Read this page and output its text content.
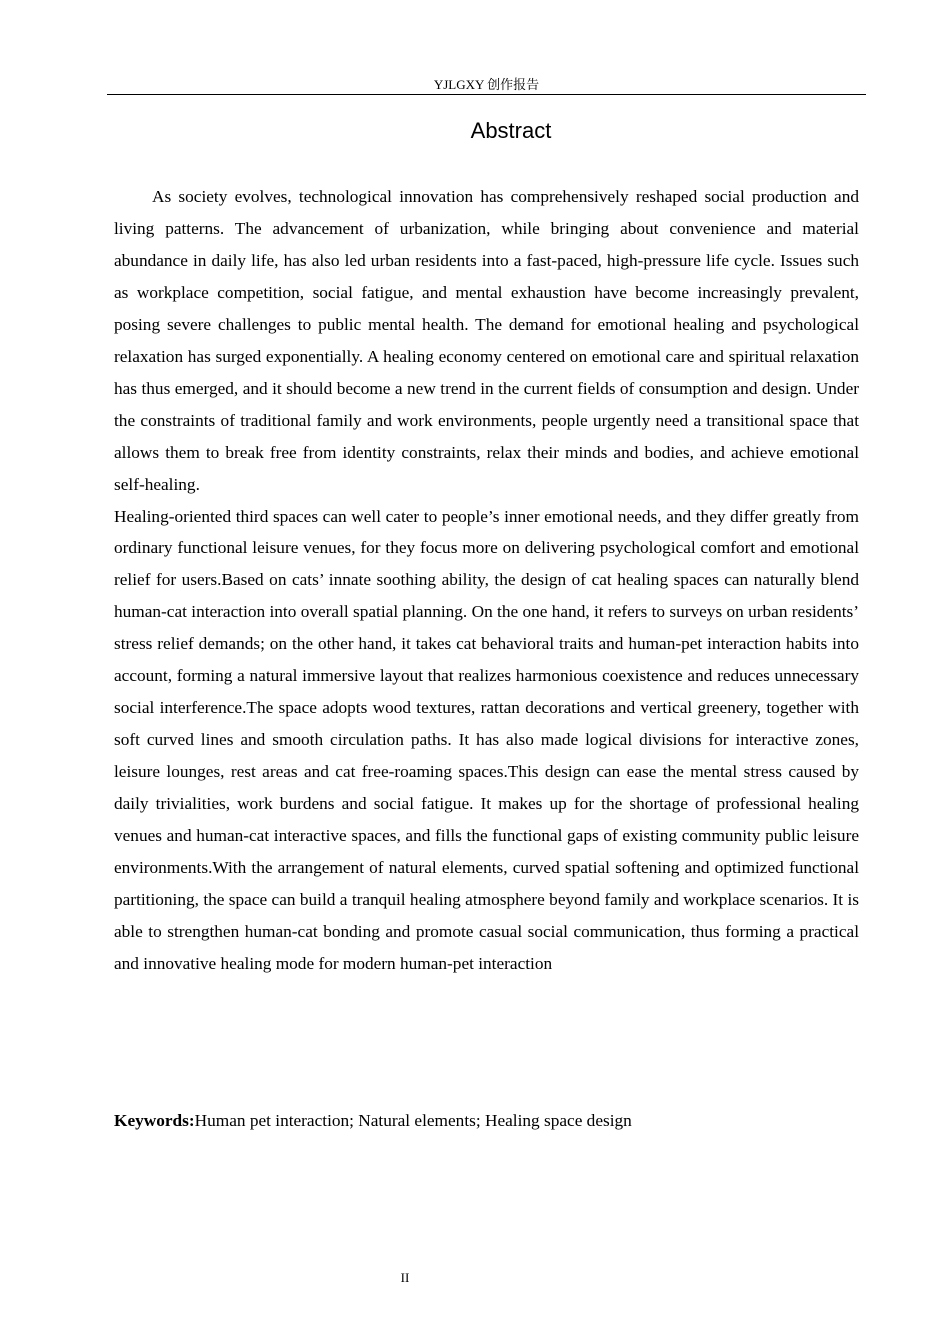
YJLGXY 创作报告
Abstract

As society evolves, technological innovation has comprehensively reshaped social production and living patterns. The advancement of urbanization, while bringing about convenience and material abundance in daily life, has also led urban residents into a fast-paced, high-pressure life cycle. Issues such as workplace competition, social fatigue, and mental exhaustion have become increasingly prevalent, posing severe challenges to public mental health. The demand for emotional healing and psychological relaxation has surged exponentially. A healing economy centered on emotional care and spiritual relaxation has thus emerged, and it should become a new trend in the current fields of consumption and design. Under the constraints of traditional family and work environments, people urgently need a transitional space that allows them to break free from identity constraints, relax their minds and bodies, and achieve emotional self-healing.

Healing-oriented third spaces can well cater to people’s inner emotional needs, and they differ greatly from ordinary functional leisure venues, for they focus more on delivering psychological comfort and emotional relief for users.Based on cats’ innate soothing ability, the design of cat healing spaces can naturally blend human-cat interaction into overall spatial planning. On the one hand, it refers to surveys on urban residents’ stress relief demands; on the other hand, it takes cat behavioral traits and human-pet interaction habits into account, forming a natural immersive layout that realizes harmonious coexistence and reduces unnecessary social interference.The space adopts wood textures, rattan decorations and vertical greenery, together with soft curved lines and smooth circulation paths. It has also made logical divisions for interactive zones, leisure lounges, rest areas and cat free-roaming spaces.This design can ease the mental stress caused by daily trivialities, work burdens and social fatigue. It makes up for the shortage of professional healing venues and human-cat interactive spaces, and fills the functional gaps of existing community public leisure environments.With the arrangement of natural elements, curved spatial softening and optimized functional partitioning, the space can build a tranquil healing atmosphere beyond family and workplace scenarios. It is able to strengthen human-cat bonding and promote casual social communication, thus forming a practical and innovative healing mode for modern human-pet interaction

Keywords:Human pet interaction; Natural elements; Healing space design

II
